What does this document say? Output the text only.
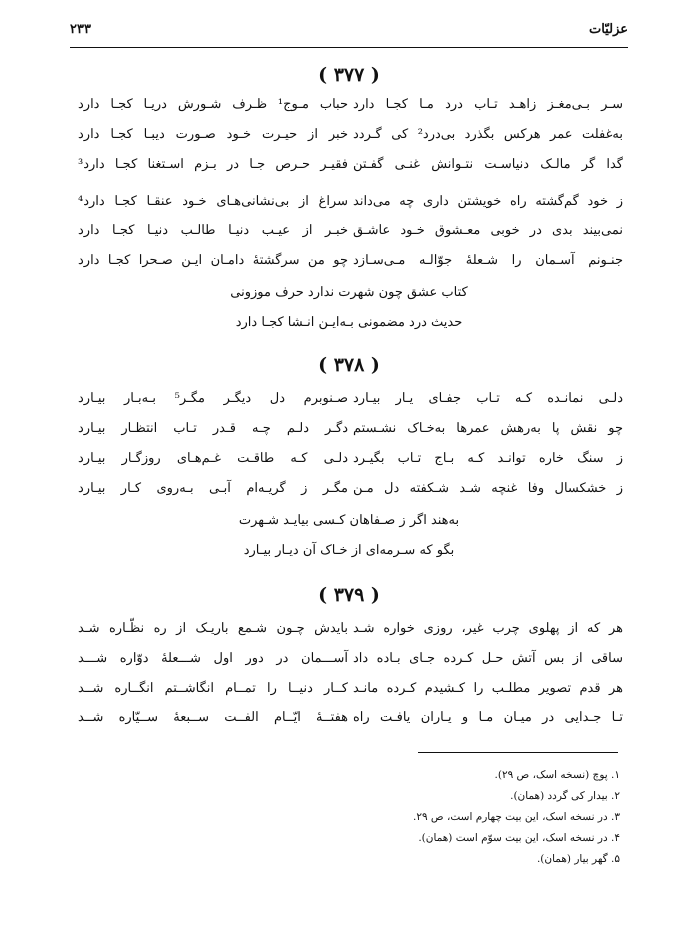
۲۳۳	عزلیّات
( ۳۷۷ )
سـر بـی‌مغـز زاهـد تـاب درد مـا کجـا دارد
حباب مـوج¹ ظـرف شـورش دریـا کجـا دارد
به‌غفلت عمر هرکس بگذرد بی‌درد² کی گـردد
خبر از حیـرت خـود صـورت دیبـا کجـا دارد
گدا گر مالـک دنیاسـت نتـوانش غنـی گفـتن
فقیـر حـرص جـا در بـزم اسـتغنا کجـا دارد³
ز خود گم‌گشته راه خویشتن داری چه می‌داند
سراغ از بی‌نشانی‌هـای خـود عنقـا کجـا دارد⁴
نمی‌بیند بدی در خوبی معـشوق خـود عاشـق
خبـر از عیـب دنیـا طالـب دنیـا کجـا دارد
جنـونم آسـمان را شـعلهٔ جوّالـه مـی‌سـازد
چو من سرگشتهٔ دامـان ایـن صـحرا کجـا دارد
کتاب عشق چون شهرت ندارد حرف موزونی
حدیث درد مضمونی بـه‌ایـن انـشا کجـا دارد
( ۳۷۸ )
دلـی نمانـده کـه تـاب جفـای یـار بیـارد
صـنوبرم دل دیگـر مگـر⁵ بـه‌بـار بیـارد
چو نقش پا به‌رهش عمرها به‌خـاک نشـستم
دگـر دلـم چـه قـدر تـاب انتظـار بیـارد
ز سنگ خاره توانـد کـه بـاج تـاب بگیـرد
دلـی کـه طاقـت غـم‌هـای روزگـار بیـارد
ز خشکسال وفا غنچه شـد شـکفته دل مـن
مگـر ز گریـه‌ام آبـی بـه‌روی کـار بیـارد
به‌هند اگر ز صـفاهان کـسی بیایـد شـهرت
بگو که سـرمه‌ای از خـاک آن دیـار بیـارد
( ۳۷۹ )
هر که از پهلوی چرب غیر، روزی خواره شـد
بایدش چـون شـمع باریـک از ره نظّـاره شـد
ساقی از بس آتش حـل کـرده جـای بـاده داد
آســـمان در دور اول شـــعلهٔ دوّاره شـــد
هر قدم تصویر مطلـب را کـشیدم کـرده مانـد
کــار دنیــا را تمــام انگاشــتم انگــاره شــد
تـا جـدایی در میـان مـا و یـاران یافـت راه
هفتــهٔ ایّــام الفــت ســبعهٔ ســیّاره شــد
۱. پوچ (نسخه اسک، ص ۲۹).
۲. بیدار کی گردد (همان).
۳. در نسخه اسک، این بیت چهارم است، ص ۲۹.
۴. در نسخه اسک، این بیت سوّم است (همان).
۵. گهر بیار (همان).
